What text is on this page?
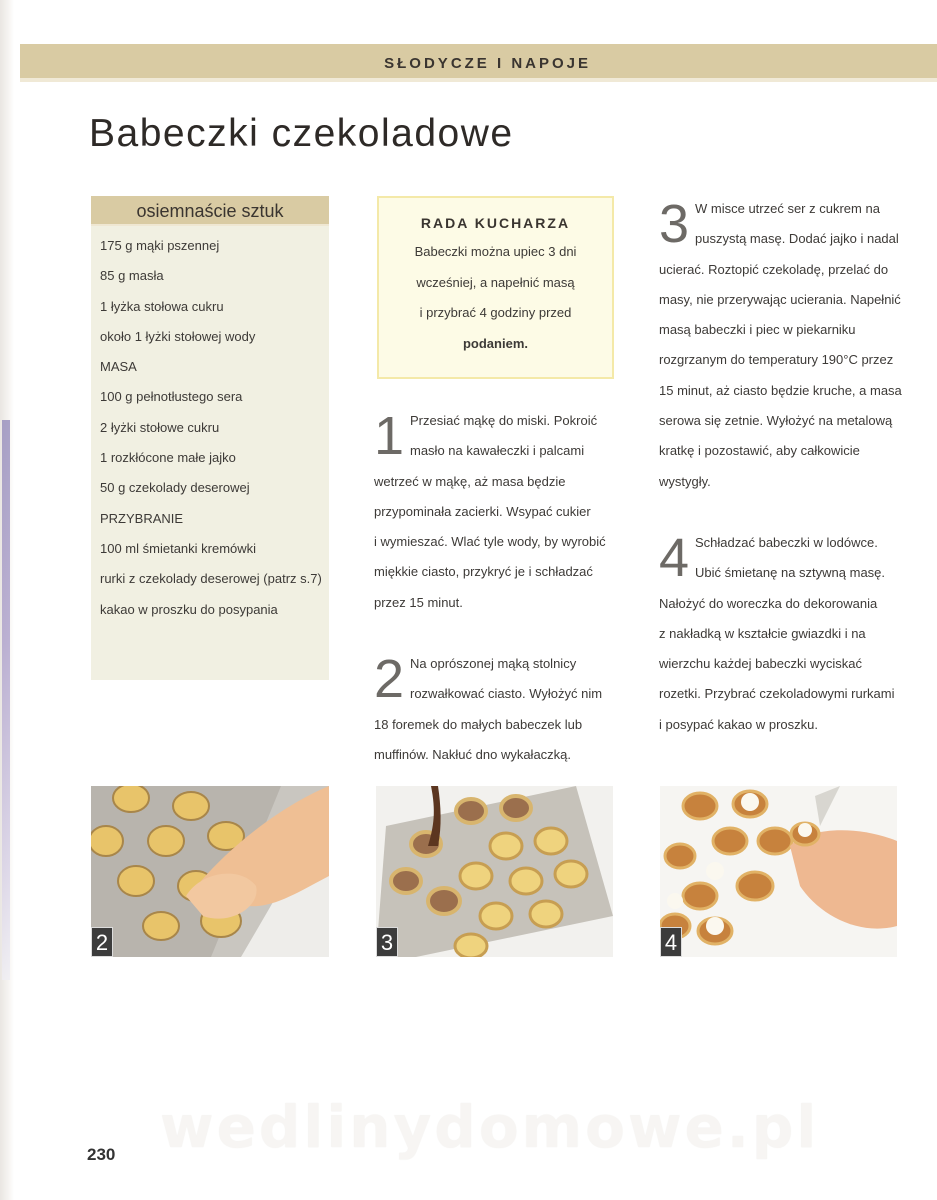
SŁODYCZE I NAPOJE
Babeczki czekoladowe
osiemnaście sztuk
175 g mąki pszennej
85 g masła
1 łyżka stołowa cukru
około 1 łyżki stołowej wody
MASA
100 g pełnotłustego sera
2 łyżki stołowe cukru
1 rozkłócone małe jajko
50 g czekolady deserowej
PRZYBRANIE
100 ml śmietanki kremówki
rurki z czekolady deserowej (patrz s.7)
kakao w proszku do posypania
RADA KUCHARZA
Babeczki można upiec 3 dni
wcześniej, a napełnić masą
i przybrać 4 godziny przed
podaniem.
1 Przesiać mąkę do miski. Pokroić
masło na kawałeczki i palcami
wetrzeć w mąkę, aż masa będzie
przypominała zacierki. Wsypać cukier
i wymieszać. Wlać tyle wody, by wyrobić
miękkie ciasto, przykryć je i schładzać
przez 15 minut.
2 Na oprószonej mąką stolnicy
rozwałkować ciasto. Wyłożyć nim
18 foremek do małych babeczek lub
muffinów. Nakłuć dno wykałaczką.
3 W misce utrzeć ser z cukrem na
puszystą masę. Dodać jajko i nadal
ucierać. Roztopić czekoladę, przelać do
masy, nie przerywając ucierania. Napełnić
masą babeczki i piec w piekarniku
rozgrzanym do temperatury 190°C przez
15 minut, aż ciasto będzie kruche, a masa
serowa się zetnie. Wyłożyć na metalową
kratkę i pozostawić, aby całkowicie
wystygły.
4 Schładzać babeczki w lodówce.
Ubić śmietanę na sztywną masę.
Nałożyć do woreczka do dekorowania
z nakładką w kształcie gwiazdki i na
wierzchu każdej babeczki wyciskać
rozetki. Przybrać czekoladowymi rurkami
i posypać kakao w proszku.
2	3	4
wedlinydomowe.pl
230
